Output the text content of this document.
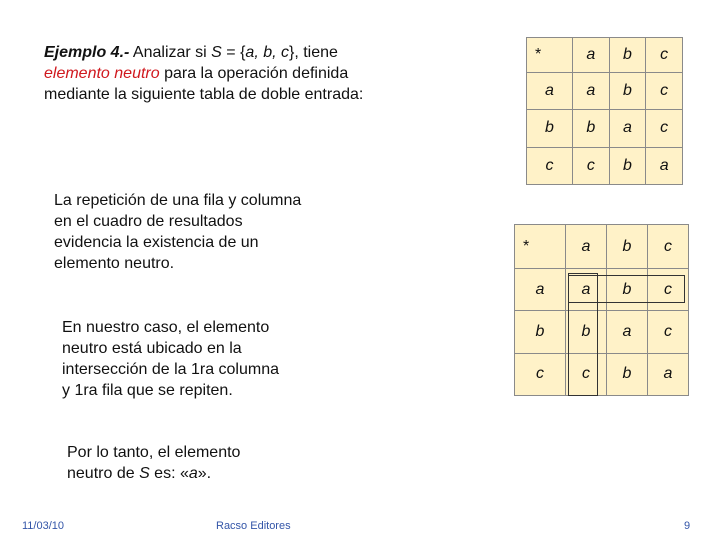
Ejemplo 4.- Analizar si S = {a, b, c}, tiene
elemento neutro para la operación definida
mediante la siguiente tabla de doble entrada:
*	a	b	c
a	a	b	c
b	b	a	c
c	c	b	a
La repetición de una fila y columna
en el cuadro de resultados
evidencia la existencia de un
elemento neutro.
*	a	b	c
a	a	b	c
b	b	a	c
c	c	b	a
En nuestro caso, el elemento
neutro está ubicado en la
intersección de la 1ra columna
y 1ra fila que se repiten.
Por lo tanto, el elemento
neutro de S es: «a».
11/03/10	Racso Editores	9
